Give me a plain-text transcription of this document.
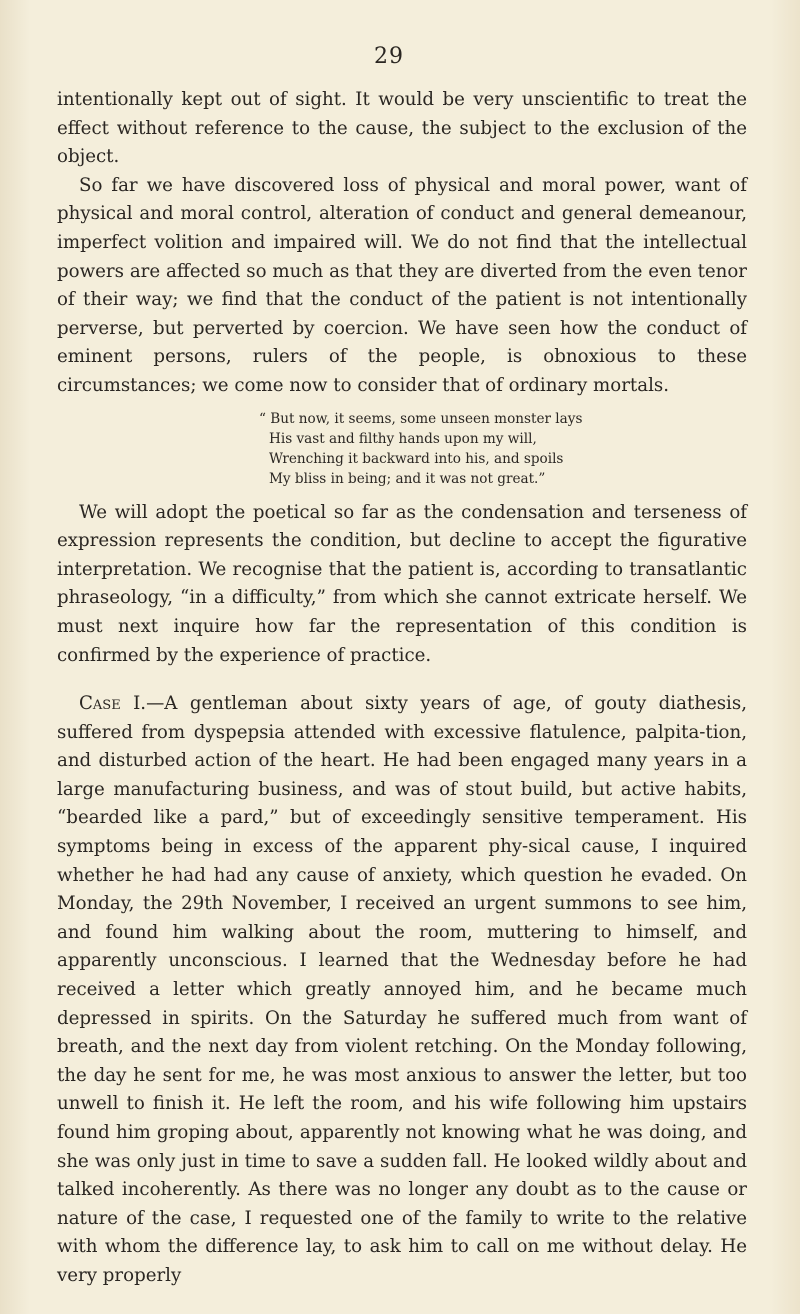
29

intentionally kept out of sight. It would be very unscientific to treat the effect without reference to the cause, the subject to the exclusion of the object.

So far we have discovered loss of physical and moral power, want of physical and moral control, alteration of conduct and general demeanour, imperfect volition and impaired will. We do not find that the intellectual powers are affected so much as that they are diverted from the even tenor of their way; we find that the conduct of the patient is not intentionally perverse, but perverted by coercion. We have seen how the conduct of eminent persons, rulers of the people, is obnoxious to these circumstances; we come now to consider that of ordinary mortals.

“ But now, it seems, some unseen monster lays
His vast and filthy hands upon my will,
Wrenching it backward into his, and spoils
My bliss in being; and it was not great.”

We will adopt the poetical so far as the condensation and terseness of expression represents the condition, but decline to accept the figurative interpretation. We recognise that the patient is, according to transatlantic phraseology, “in a difficulty,” from which she cannot extricate herself. We must next inquire how far the representation of this condition is confirmed by the experience of practice.

Case I.—A gentleman about sixty years of age, of gouty diathesis, suffered from dyspepsia attended with excessive flatulence, palpita-tion, and disturbed action of the heart. He had been engaged many years in a large manufacturing business, and was of stout build, but active habits, “bearded like a pard,” but of exceedingly sensitive temperament. His symptoms being in excess of the apparent phy-sical cause, I inquired whether he had had any cause of anxiety, which question he evaded. On Monday, the 29th November, I received an urgent summons to see him, and found him walking about the room, muttering to himself, and apparently unconscious. I learned that the Wednesday before he had received a letter which greatly annoyed him, and he became much depressed in spirits. On the Saturday he suffered much from want of breath, and the next day from violent retching. On the Monday following, the day he sent for me, he was most anxious to answer the letter, but too unwell to finish it. He left the room, and his wife following him upstairs found him groping about, apparently not knowing what he was doing, and she was only just in time to save a sudden fall. He looked wildly about and talked incoherently. As there was no longer any doubt as to the cause or nature of the case, I requested one of the family to write to the relative with whom the difference lay, to ask him to call on me without delay. He very properly
